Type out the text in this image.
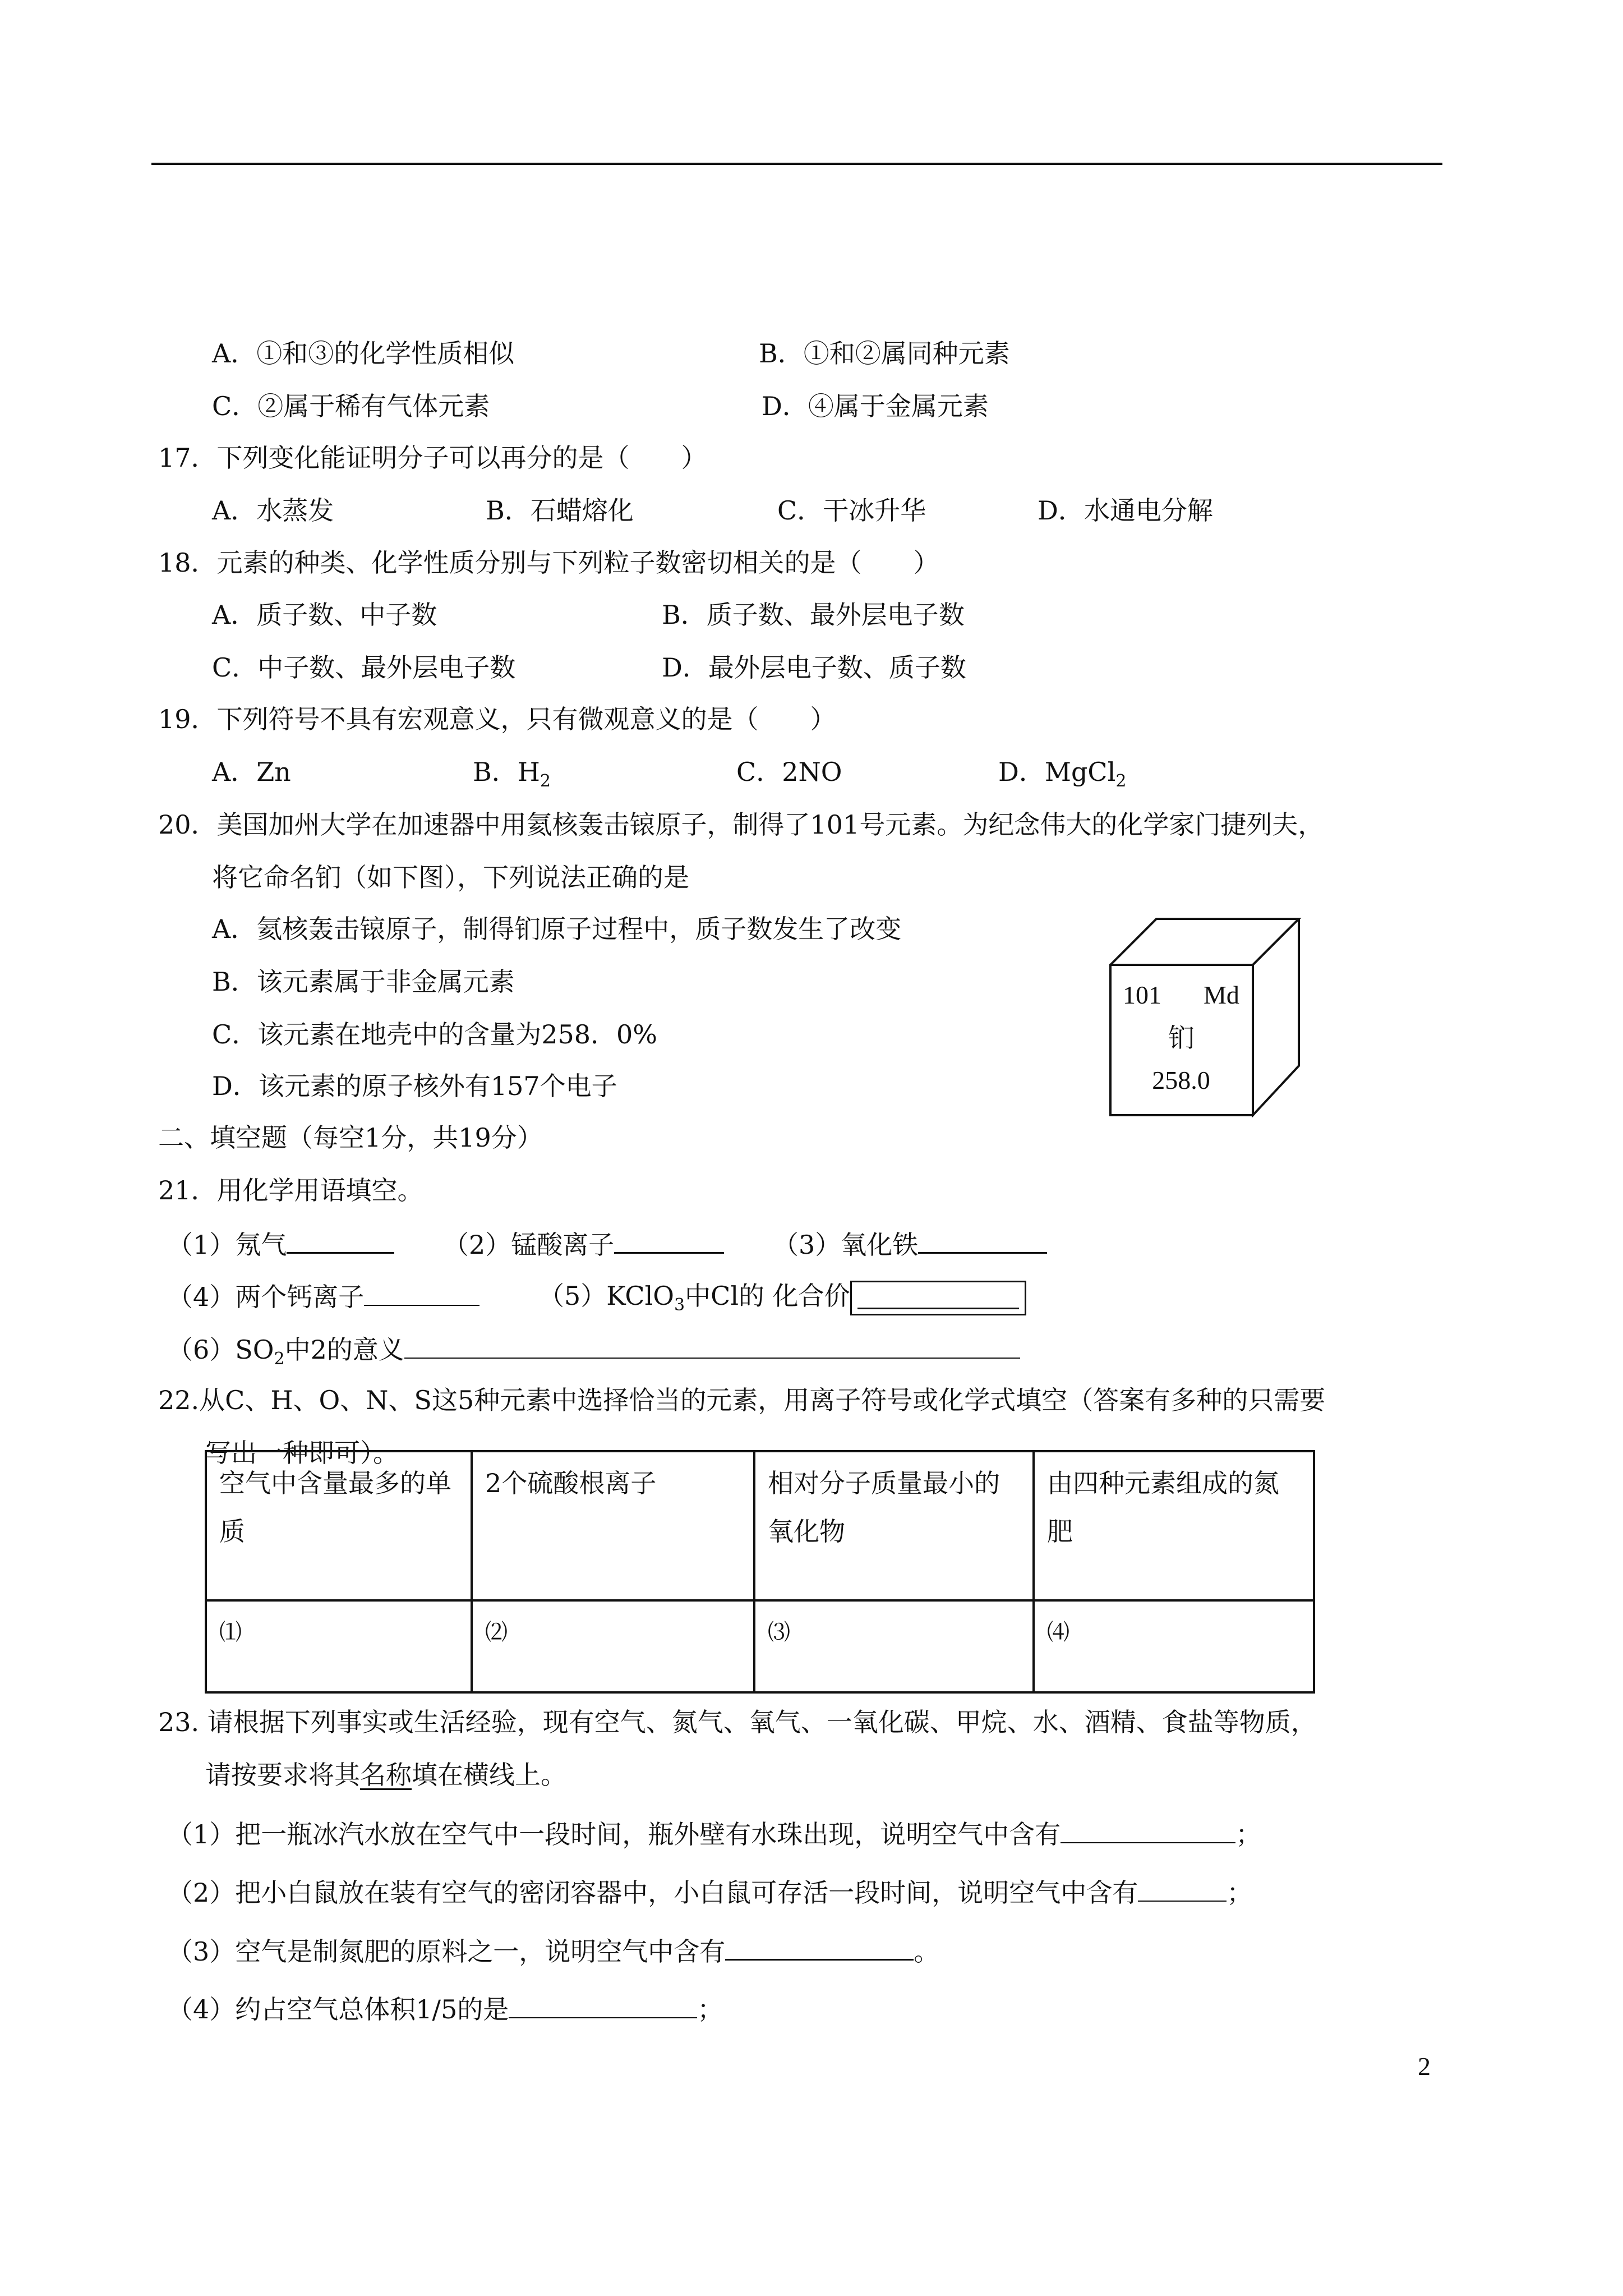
A．①和③的化学性质相似	B．①和②属同种元素
C．②属于稀有气体元素	D．④属于金属元素
17．下列变化能证明分子可以再分的是（　　）
A．水蒸发	B．石蜡熔化	C．干冰升华	D．水通电分解
18．元素的种类、化学性质分别与下列粒子数密切相关的是（　　）
A．质子数、中子数	B．质子数、最外层电子数
C．中子数、最外层电子数	D．最外层电子数、质子数
19．下列符号不具有宏观意义，只有微观意义的是（　　）
A．Zn	B．$H_2$	C．2NO	D．MgCl$_2$
20．美国加州大学在加速器中用氦核轰击锿原子，制得了101号元素。为纪念伟大的化学家门捷列夫，
将它命名钔（如下图），下列说法正确的是
A．氦核轰击锿原子，制得钔原子过程中，质子数发生了改变
B．该元素属于非金属元素
C．该元素在地壳中的含量为258．0%
D．该元素的原子核外有157个电子
101 Md
钔
258.0
二、填空题（每空1分，共19分）
21．用化学用语填空。
（1）氖气	（2）锰酸离子	（3）氧化铁
（4）两个钙离子	（5）KClO$_3$中Cl的 化合价
$(6)SO_2$中2的意义
22.从C、H、O、N、S这5种元素中选择恰当的元素，用离子符号或化学式填空（答案有多种的只需要
写出一种即可）。
空气中含量最多的单质	2个硫酸根离子	相对分子质量最小的氧化物	由四种元素组成的氮肥
⑴	⑵	⑶	⑷
23. 请根据下列事实或生活经验，现有空气、氮气、氧气、一氧化碳、甲烷、水、酒精、食盐等物质，
请按要求将其名称填在横线上。
（1）把一瓶冰汽水放在空气中一段时间，瓶外壁有水珠出现，说明空气中含有	；
（2）把小白鼠放在装有空气的密闭容器中，小白鼠可存活一段时间，说明空气中含有	；
（3）空气是制氮肥的原料之一，说明空气中含有	。
（4）约占空气总体积1/5的是	；
2
